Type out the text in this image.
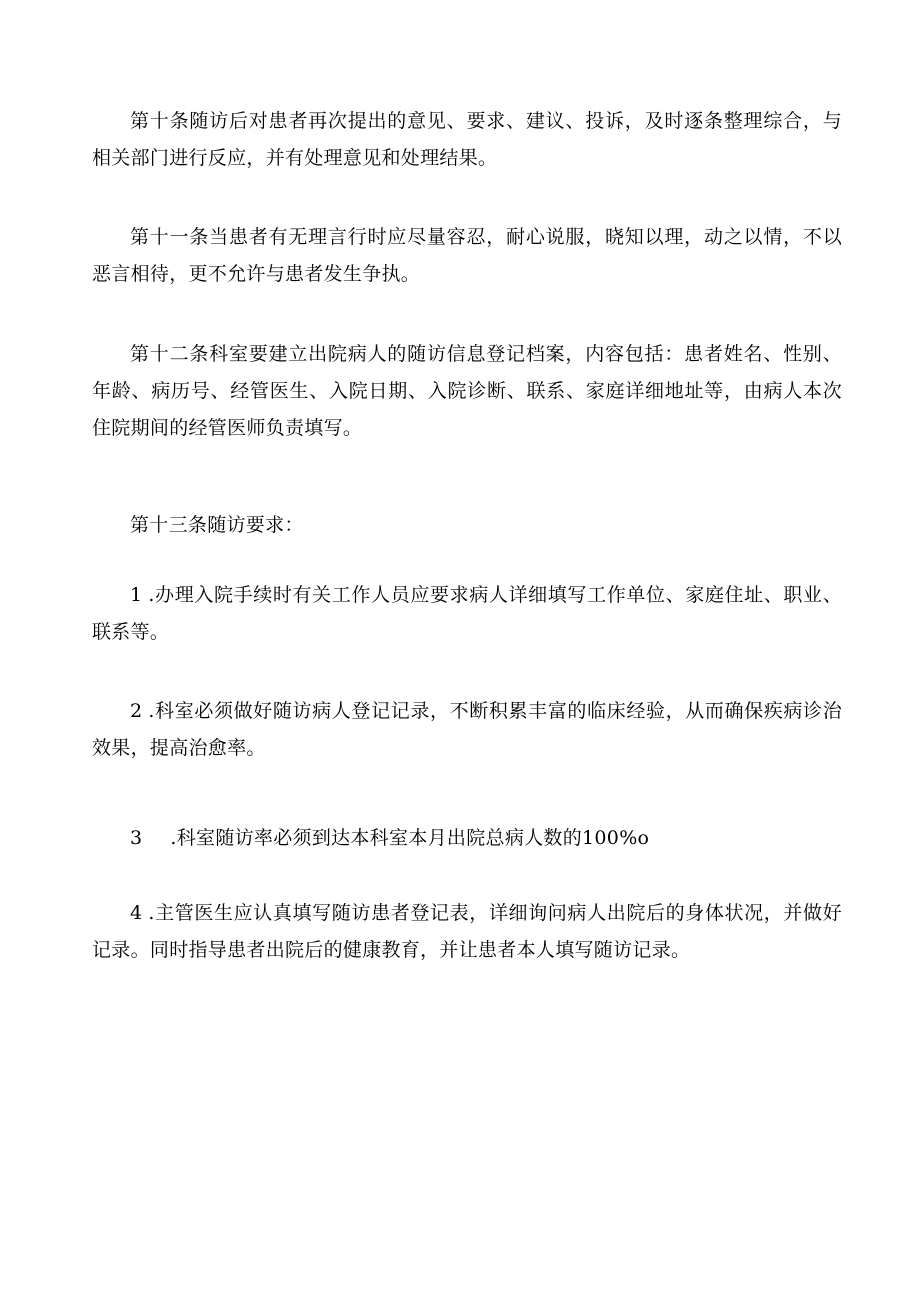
第十条随访后对患者再次提出的意见、要求、建议、投诉，及时逐条整理综合，与相关部门进行反应，并有处理意见和处理结果。

第十一条当患者有无理言行时应尽量容忍，耐心说服，晓知以理，动之以情，不以恶言相待，更不允许与患者发生争执。

第十二条科室要建立出院病人的随访信息登记档案，内容包括：患者姓名、性别、年龄、病历号、经管医生、入院日期、入院诊断、联系、家庭详细地址等，由病人本次住院期间的经管医师负责填写。

第十三条随访要求：

1 .办理入院手续时有关工作人员应要求病人详细填写工作单位、家庭住址、职业、联系等。

2 .科室必须做好随访病人登记记录，不断积累丰富的临床经验，从而确保疾病诊治效果，提高治愈率。

3 .科室随访率必须到达本科室本月出院总病人数的100%o

4 .主管医生应认真填写随访患者登记表，详细询问病人出院后的身体状况，并做好记录。同时指导患者出院后的健康教育，并让患者本人填写随访记录。
